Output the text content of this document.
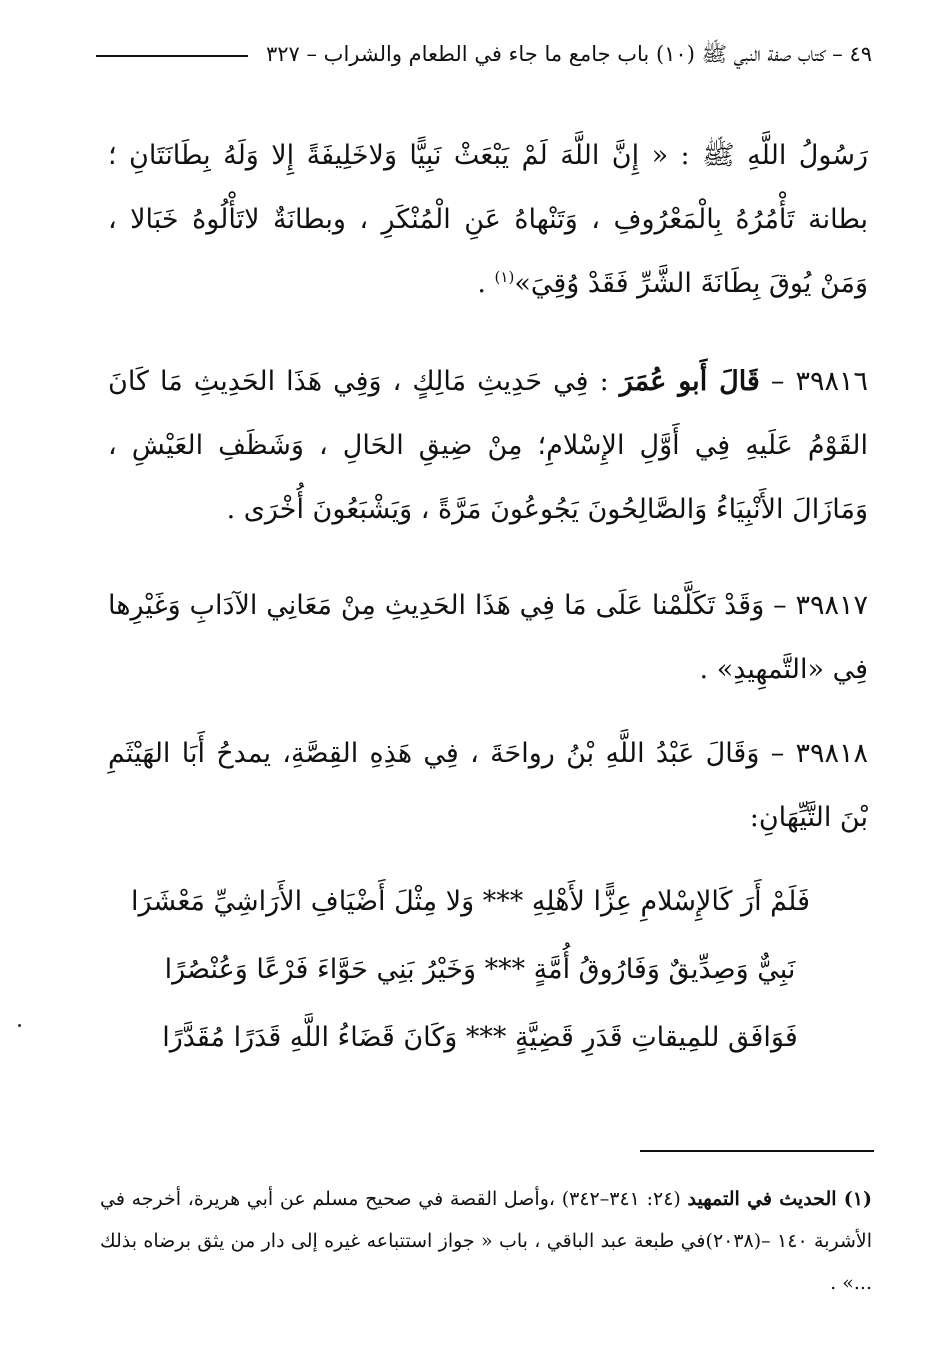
٤٩ – كتاب صفة النبي ﷺ (١٠) باب جامع ما جاء في الطعام والشراب – ٣٢٧
رَسُولُ اللَّهِ ﷺ : « إِنَّ اللَّهَ لَمْ يَبْعَثْ نَبِيًّا وَلاخَلِيفَةً إِلا وَلَهُ بِطَانَتَانِ ؛ بطانة تَأْمُرُهُ بِالْمَعْرُوفِ ، وَتَنْهاهُ عَنِ الْمُنْكَرِ ، وبطانَةٌ لاتَأْلُوهُ خَبَالا ، وَمَنْ يُوقَ بِطَانَةَ الشَّرِّ فَقَدْ وُقِيَ»$^{(١)}$ .
٣٩٨١٦ – قَالَ أَبو عُمَرَ : فِي حَدِيثِ مَالِكٍ ، وَفِي هَذَا الحَدِيثِ مَا كَانَ القَوْمُ عَلَيهِ فِي أَوَّلِ الإِسْلامِ؛ مِنْ ضِيقِ الحَالِ ، وَشَظَفِ العَيْشِ ، وَمَازَالَ الأَنْبِيَاءُ وَالصَّالِحُونَ يَجُوعُونَ مَرَّةً ، وَيَشْبَعُونَ أُخْرَى .
٣٩٨١٧ – وَقَدْ تَكَلَّمْنا عَلَى مَا فِي هَذَا الحَدِيثِ مِنْ مَعَانِي الآدَابِ وَغَيْرِها فِي «التَّمهِيدِ» .
٣٩٨١٨ – وَقَالَ عَبْدُ اللَّهِ بْنُ رواحَةَ ، فِي هَذِهِ القِصَّةِ، يمدحُ أَبَا الهَيْثَمِ بْنَ التَّيِّهَانِ:
فَلَمْ أَرَ كَالإِسْلامِ عِزًّا لأَهْلِهِ *** وَلا مِثْلَ أَضْيَافِ الأَرَاشِيِّ مَعْشَرَا
نَبِيٌّ وَصِدِّيقٌ وَفَارُوقُ أُمَّةٍ *** وَخَيْرُ بَنِي حَوَّاءَ فَرْعًا وَعُنْصُرًا
فَوَافَق للمِيقاتِ قَدَرِ قَضِيَّةٍ *** وَكَانَ قَضَاءُ اللَّهِ قَدَرًا مُقَدَّرًا
(١) الحديث في التمهيد (٢٤: ٣٤١–٣٤٢) ،وأصل القصة في صحيح مسلم عن أبي هريرة، أخرجه في الأشربة ١٤٠ –(٢٠٣٨)في طبعة عبد الباقي ، باب « جواز استتباعه غيره إلى دار من يثق برضاه بذلك ...» .
